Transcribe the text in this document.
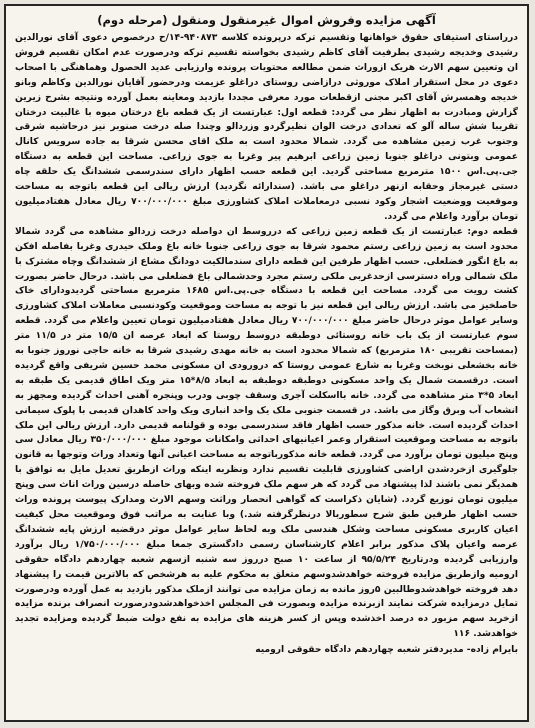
آگهی مزایده وفروش اموال غیرمنقول ومنقول (مرحله دوم)

درراستای استیفای حقوق خواهانها وتقسیم ترکه درپرونده کلاسه ۹۴۰۸۷۳-۱۴/ح درخصوص دعوی آقای نورالدین رشیدی وخدیجه رشیدی بطرفیت آقای کاظم رشیدی بخواسته تقسیم ترکه ودرصورت عدم امکان تقسیم فروش ان وتعیین سهم الارث هریک ازوراث ضمن مطالعه محتویات پرونده وارزیابی عدید الحصول وهماهنگی با اصحاب دعوی در محل استقرار املاک موروثی درازاضی روستای دراغلو عزیمت ودرحضور آقایان نورالدین وکاظم وبانو خدیجه وهمسرش آقای اکبر مجنی ازقطعات مورد معرفی مجددا بازدید ومعاینه بعمل آورده ونتیجه بشرح زیرین گزارش ومبادرت به اظهار نظر می گردد: قطعه اول: عبارتست از یک قطعه باغ درختان میوه با غالبیت درختان تقریبا شش ساله آلو که تعدادی درخت الوان نظیرگردو وزردالو وچندا صله درخت صنوبر نیز درحاشیه شرقی وجنوب غرب زمین مشاهده می گردد. شمالا محدود است به ملک اقای محسن شرقا به جاده سرویس کانال عمومی وبتونی دراغلو جنوبا زمین زراعی ابرهیم پیر وغربا به جوی زراعی. مساحت این قطعه به دستگاه جی.پی.اس ۱۵۰۰ مترمربع مساحتی گردید. این قطعه حسب اظهار دارای سندرسمی ششدانگ یک حلقه چاه دستی غیرمجاز وحقابه ازنهر دراغلو می باشد. (سندارائه نگردید) ارزش ریالی این قطعه باتوجه به مساحت وموقعیت ووضعیت اشجار وکود نسبی درمعاملات املاک کشاورزی مبلغ ۷۰۰/۰۰۰/۰۰۰ ریال معادل هفتادمیلیون تومان برآورد واعلام می گردد.

قطعه دوم: عبارتست از یک قطعه زمین زراعی که درروسط ان دواصله درخت زردالو مشاهده می گردد شمالا محدود است به زمین زراعی رستم محمود شرقا به جوی زراعی جنوبا خانه باغ وملک حیدری وغربا بفاصله افکن به باغ انگور فضلعلی. حسب اظهار طرفین این قطعه دارای سندمالکیت دودانگ مشاع از ششدانگ وچاه مشترک با ملک شمالی وراه دسترسی ازحدغربی ملکی رستم مجرد وحدشمالی باغ فضلعلی می باشد. درحال حاضر بصورت کشت رویت می گردد. مساحت این قطعه با دستگاه جی.پی.اس ۱۶۸۵ مترمربع مساحتی گردیدودارای خاک حاصلخیز می باشد. ارزش ریالی این قطعه نیز با توجه به مساحت وموقعیت وکودنسبی معاملات املاک کشاورزی وسایر عوامل موثر درحال حاضر مبلغ ۷۰۰/۰۰۰/۰۰۰ ریال معادل هفتادمیلیون تومان تعیین واعلام می گردد. قطعه سوم عبارتست از یک باب خانه روستائی دوطبقه دروسط روستا که ابعاد عرصه ان ۱۵/۵ متر در ۱۱/۵ متر (بمساحت تقریبی ۱۸۰ مترمربع) که شمالا محدود است به خانه مهدی رشیدی شرقا به خانه حاجی نوروز جنوبا به خانه بخشعلی نوبخت وغربا به شارع عمومی روستا که درورودی ان مسکونی محمد حسین شریفی واقع گردیده است. درقسمت شمال یک واحد مسکونی دوطبقه دوطبقه به ابعاد ۸/۵*۱۵ متر ویک اطاق قدیمی یک طبقه به ابعاد ۵*۳ متر مشاهده می گردد. خانه بااسکلت آجری وسقف چوبی ودرب وپنجره آهنی احداث گردیده ومجهز به انشعاب آب وبرق وگاز می باشد. در قسمت جنوبی ملک یک واحد انباری ویک واحد کاهدان قدیمی با پلوک سیمانی احداث گردیده است. خانه مذکور حسب اظهار فاقد سندرسمی بوده و قولنامه قدیمی دارد. ارزش ریالی این ملک باتوجه به مساحت وموقعیت استقرار وعمر اعیانیهای احداثی وامکانات موجود مبلغ ۳۵۰/۰۰۰/۰۰۰ ریال معادل سی وپنج میلیون تومان برآورد می گردد. قطعه خانه مذکورباتوجه به مساحت اعیانی آنها وتعداد وراث وتوجها به قانون جلوگیری ازخردشدن اراضی کشاورزی قابلیت تقسیم ندارد ونظربه اینکه وراث ازطریق تعدیل مایل به توافق با همدیگر نمی باشند لذا پیشنهاد می گردد که هر سهم ملک فروخته شده وبهای حاصله درسین وراث اناث سی وپنج میلیون تومان توزیع گردد. (شایان ذکراست که گواهی انحصار وراثت وسهم الارث ومدارک پیوست پرونده وراث حسب اظهار طرفین طبق شرح سطوربالا درنظرگرفته شد.) وبا عنایت به مراتب فوق وموقعیت محل کیفیت اعیان کاربری مسکونی مساحت وشکل هندسی ملک وبه لحاظ سایر عوامل موثر درقضیه ارزش پایه ششدانگ عرصه واعیان پلاک مذکور برابر اعلام کارشناسان رسمی دادگستری جمعا مبلغ ۱/۷۵۰/۰۰۰/۰۰۰ ریال برآورد وارزیابی گردیده ودرتاریخ ۹۵/۵/۲۴ از ساعت ۱۰ صبح درروز سه شنبه ازسهم شعبه چهاردهم دادگاه حقوقی ارومیه وازطریق مزایده فروخته خواهدشدوسهم متعلق به محکوم علیه به هرشخص که بالاترین قیمت را پیشنهاد دهد فروخته خواهدشدوطالبین ۵روز مانده به زمان مزایده می توانند ازملک مذکور بازدید به عمل آورده ودرصورت تمایل درمزایده شرکت نمایند ازبرنده مزایده وبصورت فی المجلس اخذخواهدشدودرصورت انصراف برنده مزایده ازخرید سهم مزبور ده درصد اخذشده وپس از کسر هزینه های مزایده به نفع دولت ضبط گردیده ومزایده تجدید خواهدشد. ۱۱۶

بایرام زاده- مدیردفتر شعبه چهاردهم دادگاه حقوقی ارومیه
